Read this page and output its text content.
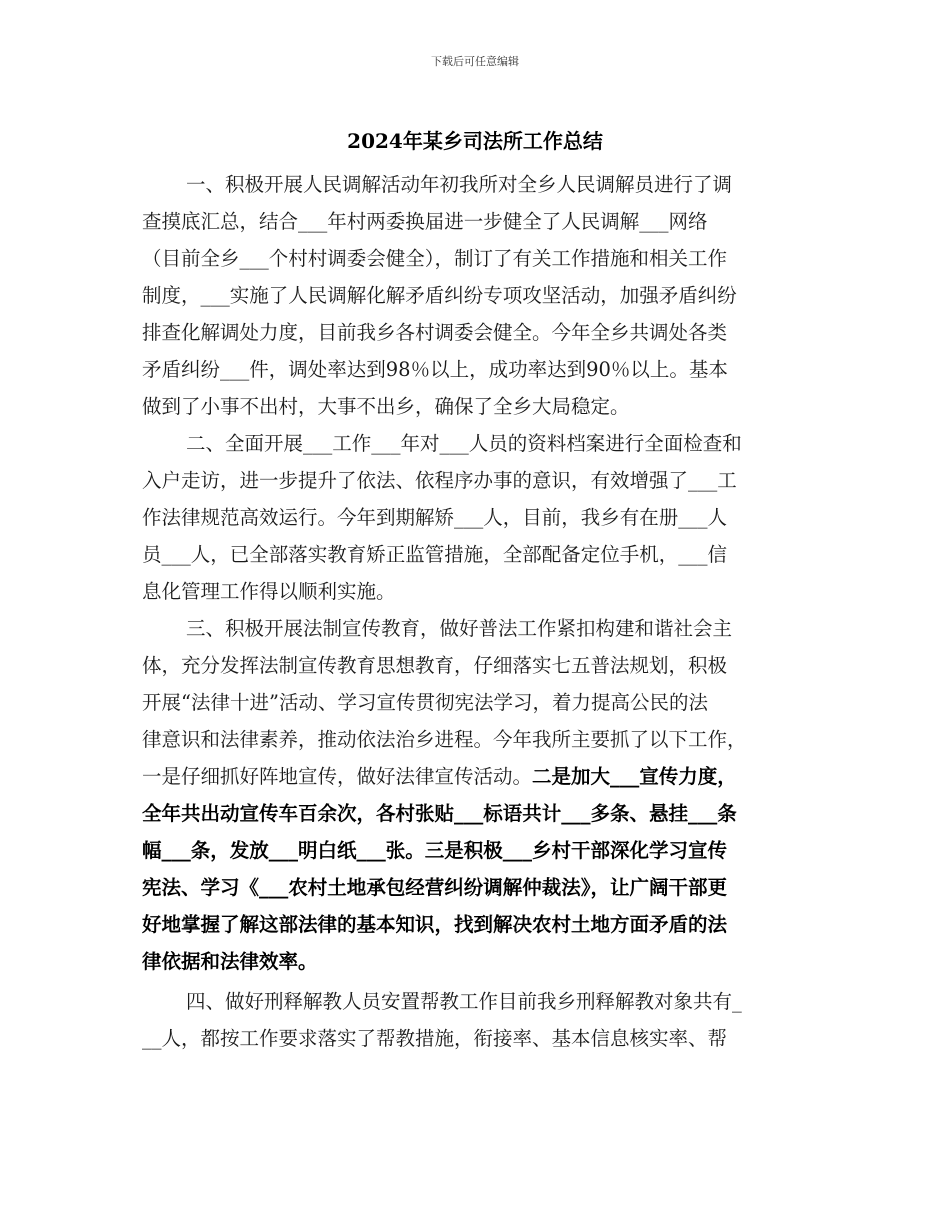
下载后可任意编辑
2024年某乡司法所工作总结
一、积极开展人民调解活动年初我所对全乡人民调解员进行了调
查摸底汇总，结合___年村两委换届进一步健全了人民调解___网络
（目前全乡___个村村调委会健全），制订了有关工作措施和相关工作
制度，___实施了人民调解化解矛盾纠纷专项攻坚活动，加强矛盾纠纷
排查化解调处力度，目前我乡各村调委会健全。今年全乡共调处各类
矛盾纠纷___件，调处率达到98％以上，成功率达到90％以上。基本
做到了小事不出村，大事不出乡，确保了全乡大局稳定。
二、全面开展___工作___年对___人员的资料档案进行全面检查和
入户走访，进一步提升了依法、依程序办事的意识，有效增强了___工
作法律规范高效运行。今年到期解矫___人，目前，我乡有在册___人
员___人，已全部落实教育矫正监管措施，全部配备定位手机，___信
息化管理工作得以顺利实施。
三、积极开展法制宣传教育，做好普法工作紧扣构建和谐社会主
体，充分发挥法制宣传教育思想教育，仔细落实七五普法规划，积极
开展“法律十进”活动、学习宣传贯彻宪法学习，着力提高公民的法
律意识和法律素养，推动依法治乡进程。今年我所主要抓了以下工作，
一是仔细抓好阵地宣传，做好法律宣传活动。二是加大___宣传力度，
全年共出动宣传车百余次，各村张贴___标语共计___多条、悬挂___条
幅___条，发放___明白纸___张。三是积极___乡村干部深化学习宣传
宪法、学习《___农村土地承包经营纠纷调解仲裁法》，让广阔干部更
好地掌握了解这部法律的基本知识，找到解决农村土地方面矛盾的法
律依据和法律效率。
四、做好刑释解教人员安置帮教工作目前我乡刑释解教对象共有_
__人，都按工作要求落实了帮教措施，衔接率、基本信息核实率、帮
